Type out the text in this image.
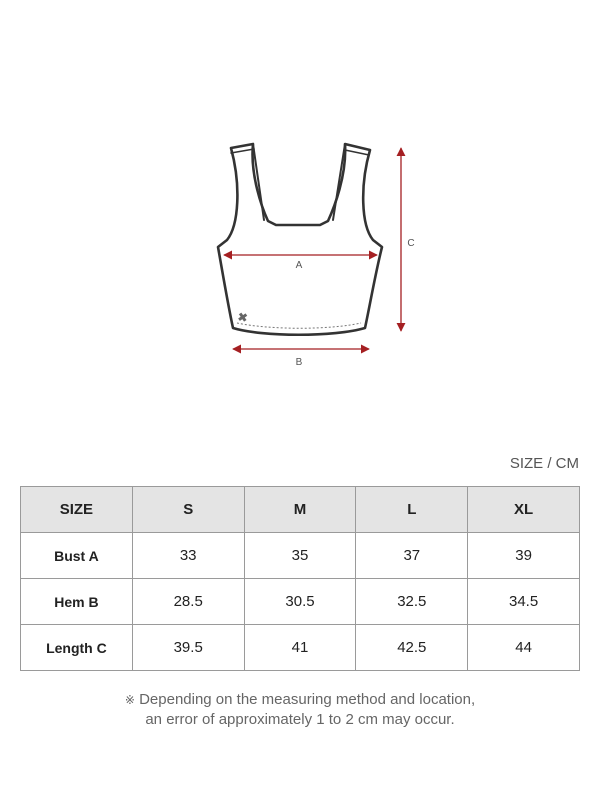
A
B
C
SIZE / CM
SIZE	S	M	L	XL
Bust A	33	35	37	39
Hem B	28.5	30.5	32.5	34.5
Length C	39.5	41	42.5	44
※ Depending on the measuring method and location,
an error of approximately 1 to 2 cm may occur.
